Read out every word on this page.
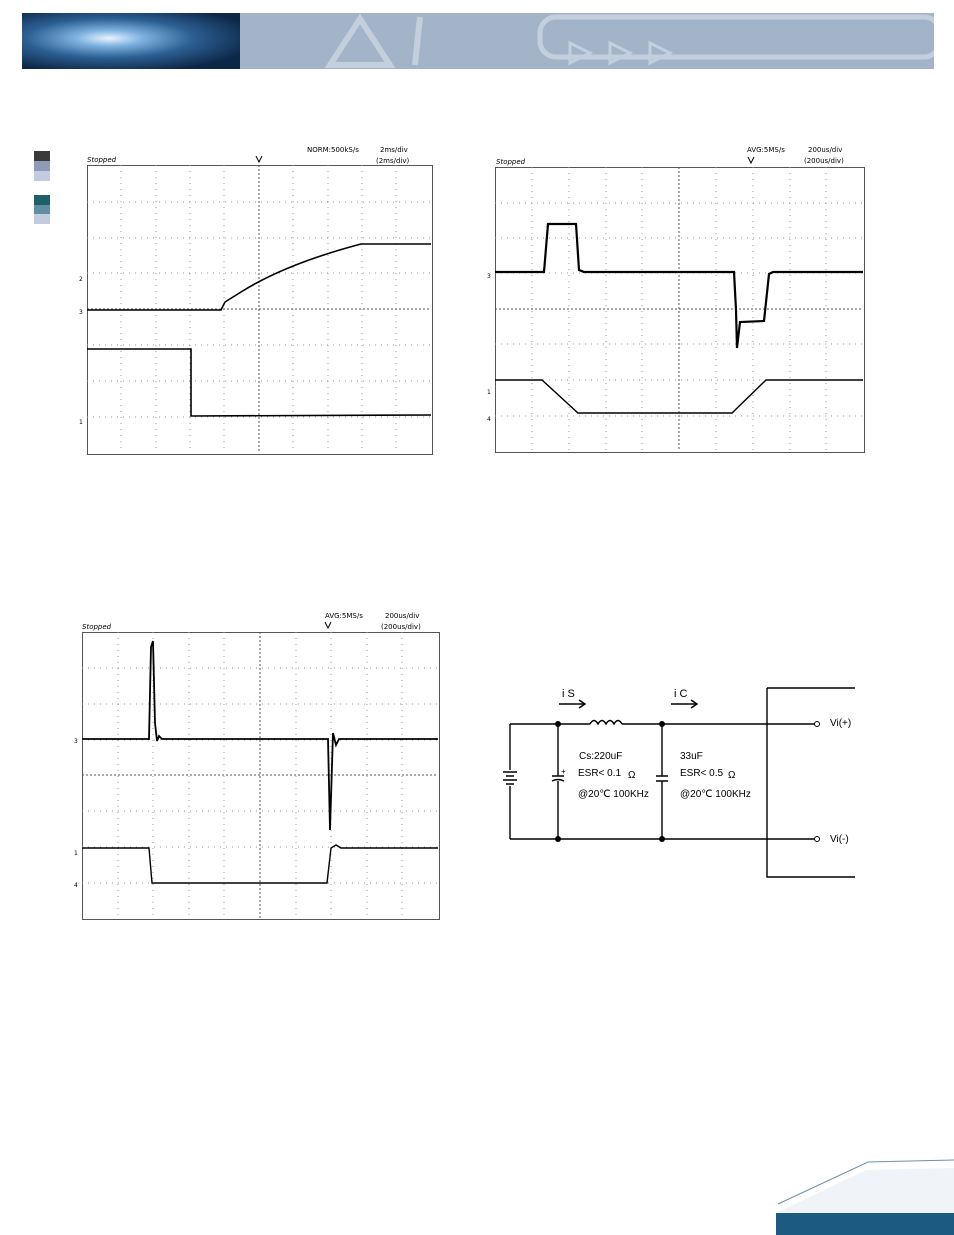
Stopped
NORM:500kS/s	2ms/div
(2ms/div)
2
3
1
Stopped
AVG:5MS/s	200us/div
(200us/div)
3
1
4
Stopped
AVG:5MS/s	200us/div
(200us/div)
3
1
4
+
i S	i C
Cs:220uF
ESR< 0.1 Ω
@20℃ 100KHz
33uF
ESR< 0.5 Ω
@20℃ 100KHz
Vi(+)
Vi(-)
